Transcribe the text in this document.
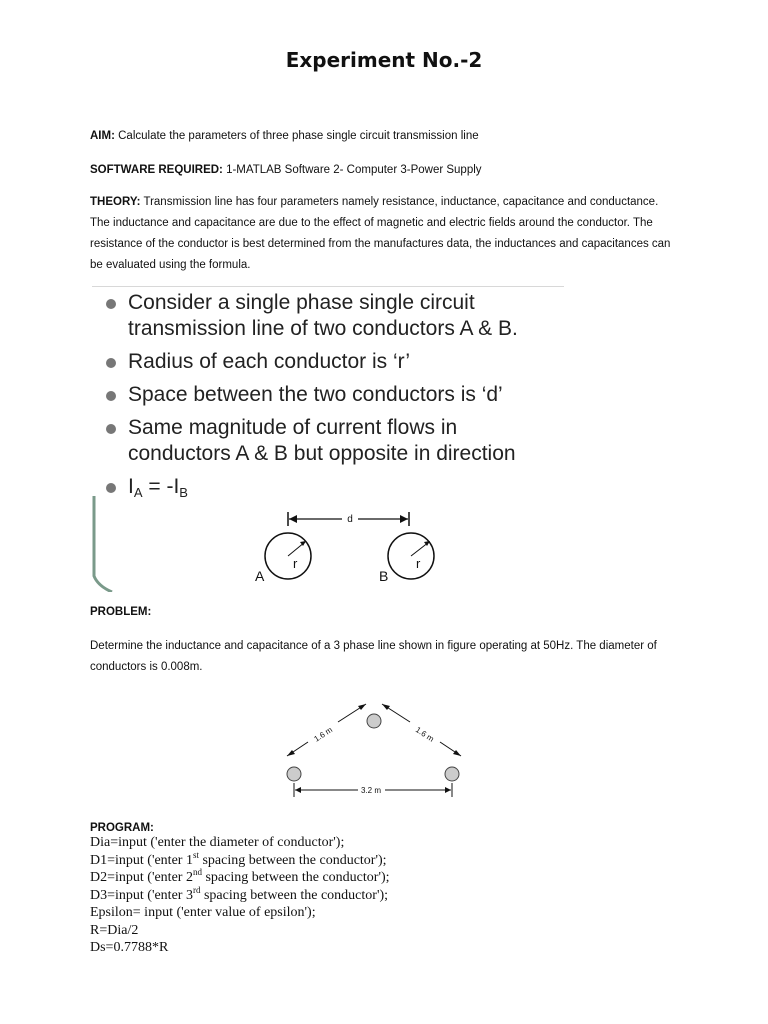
Experiment No.-2
AIM: Calculate the parameters of three phase single circuit transmission line
SOFTWARE REQUIRED: 1-MATLAB Software 2- Computer 3-Power Supply
THEORY: Transmission line has four parameters namely resistance, inductance, capacitance and conductance. The inductance and capacitance are due to the effect of magnetic and electric fields around the conductor. The resistance of the conductor is best determined from the manufactures data, the inductances and capacitances can be evaluated using the formula.
Consider a single phase single circuit transmission line of two conductors A & B.
Radius of each conductor is ‘r’
Space between the two conductors is ‘d’
Same magnitude of current flows in conductors A & B but opposite in direction
$I_A = -I_B$
d
r
A
r
B
PROBLEM:
Determine the inductance and capacitance of a 3 phase line shown in figure operating at 50Hz. The diameter of conductors is 0.008m.
1.6 m	1.6 m
3.2 m
PROGRAM:
Dia=input ('enter the diameter of conductor');
D1=input ('enter 1st spacing between the conductor');
D2=input ('enter 2nd spacing between the conductor');
D3=input ('enter 3rd spacing between the conductor');
Epsilon= input ('enter value of epsilon');
R=Dia/2
Ds=0.7788*R
